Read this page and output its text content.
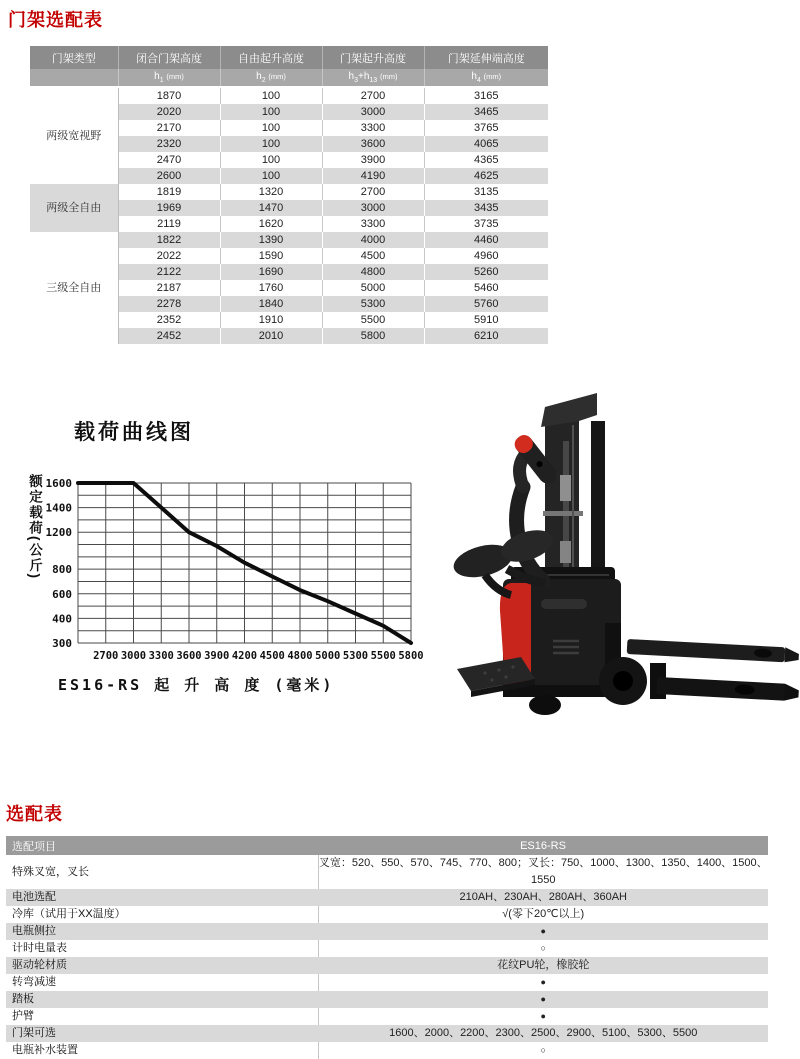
门架选配表
门架类型	闭合门架高度	自由起升高度	门架起升高度	门架延伸端高度
	$h_1$ (mm)	$h_2$ (mm)	$h_3+h_{13}$ (mm)	$h_4$ (mm)
两级宽视野	1870	100	2700	3165
	2020	100	3000	3465
	2170	100	3300	3765
	2320	100	3600	4065
	2470	100	3900	4365
	2600	100	4190	4625
两级全自由	1819	1320	2700	3135
	1969	1470	3000	3435
	2119	1620	3300	3735
三级全自由	1822	1390	4000	4460
	2022	1590	4500	4960
	2122	1690	4800	5260
	2187	1760	5000	5460
	2278	1840	5300	5760
	2352	1910	5500	5910
	2452	2010	5800	6210
载荷曲线图
额定载荷(公斤) 1600
1400
1200
800
600
400
300
2700 3000 3300 3600 3900 4200 4500 4800 5000 5300 5500 5800
ES16-RS 起 升 高 度 (毫米)
选配表
选配项目	ES16-RS
特殊叉宽，叉长	叉宽：520、550、570、745、770、800；叉长：750、1000、1300、1350、1400、1500、1550
电池选配	210AH、230AH、280AH、360AH
冷库（试用于XX温度）	√(零下20℃以上)
电瓶侧拉	●
计时电量表	○
驱动轮材质	花纹PU轮，橡胶轮
转弯减速	●
踏板	●
护臂	●
门架可选	1600、2000、2200、2300、2500、2900、5100、5300、5500
电瓶补水装置	○
